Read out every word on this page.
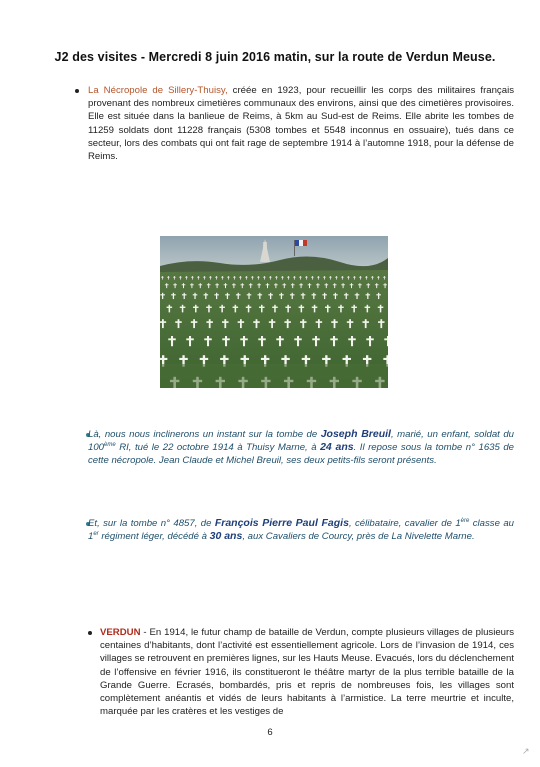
J2 des visites - Mercredi 8 juin 2016 matin, sur la route de Verdun Meuse.
La Nécropole de Sillery-Thuisy, créée en 1923, pour recueillir les corps des militaires français provenant des nombreux cimetières communaux des environs, ainsi que des cimetières provisoires. Elle est située dans la banlieue de Reims, à 5km au Sud-est de Reims. Elle abrite les tombes de 11259 soldats dont 11228 français (5308 tombes et 5548 inconnus en ossuaire), tués dans ce secteur, lors des combats qui ont fait rage de septembre 1914 à l’automne 1918, pour la défense de Reims.
Là, nous nous inclinerons un instant sur la tombe de Joseph Breuil, marié, un enfant, soldat du 100ème RI, tué le 22 octobre 1914 à Thuisy Marne, à 24 ans. Il repose sous la tombe n° 1635 de cette nécropole. Jean Claude et Michel Breuil, ses deux petits-fils seront présents.
Et, sur la tombe n° 4857, de François Pierre Paul Fagis, célibataire, cavalier de 1ère classe au 1er régiment léger, décédé à 30 ans, aux Cavaliers de Courcy, près de La Nivelette Marne.
VERDUN - En 1914, le futur champ de bataille de Verdun, compte plusieurs villages de plusieurs centaines d’habitants, dont l’activité est essentiellement agricole. Lors de l’invasion de 1914, ces villages se retrouvent en premières lignes, sur les Hauts Meuse. Evacués, lors du déclenchement de l’offensive en février 1916, ils constitueront le théâtre martyr de la plus terrible bataille de la Grande Guerre. Ecrasés, bombardés, pris et repris de nombreuses fois, les villages sont complètement anéantis et vidés de leurs habitants à l’armistice. La terre meurtrie et inculte, marquée par les cratères et les vestiges de
6
↗
